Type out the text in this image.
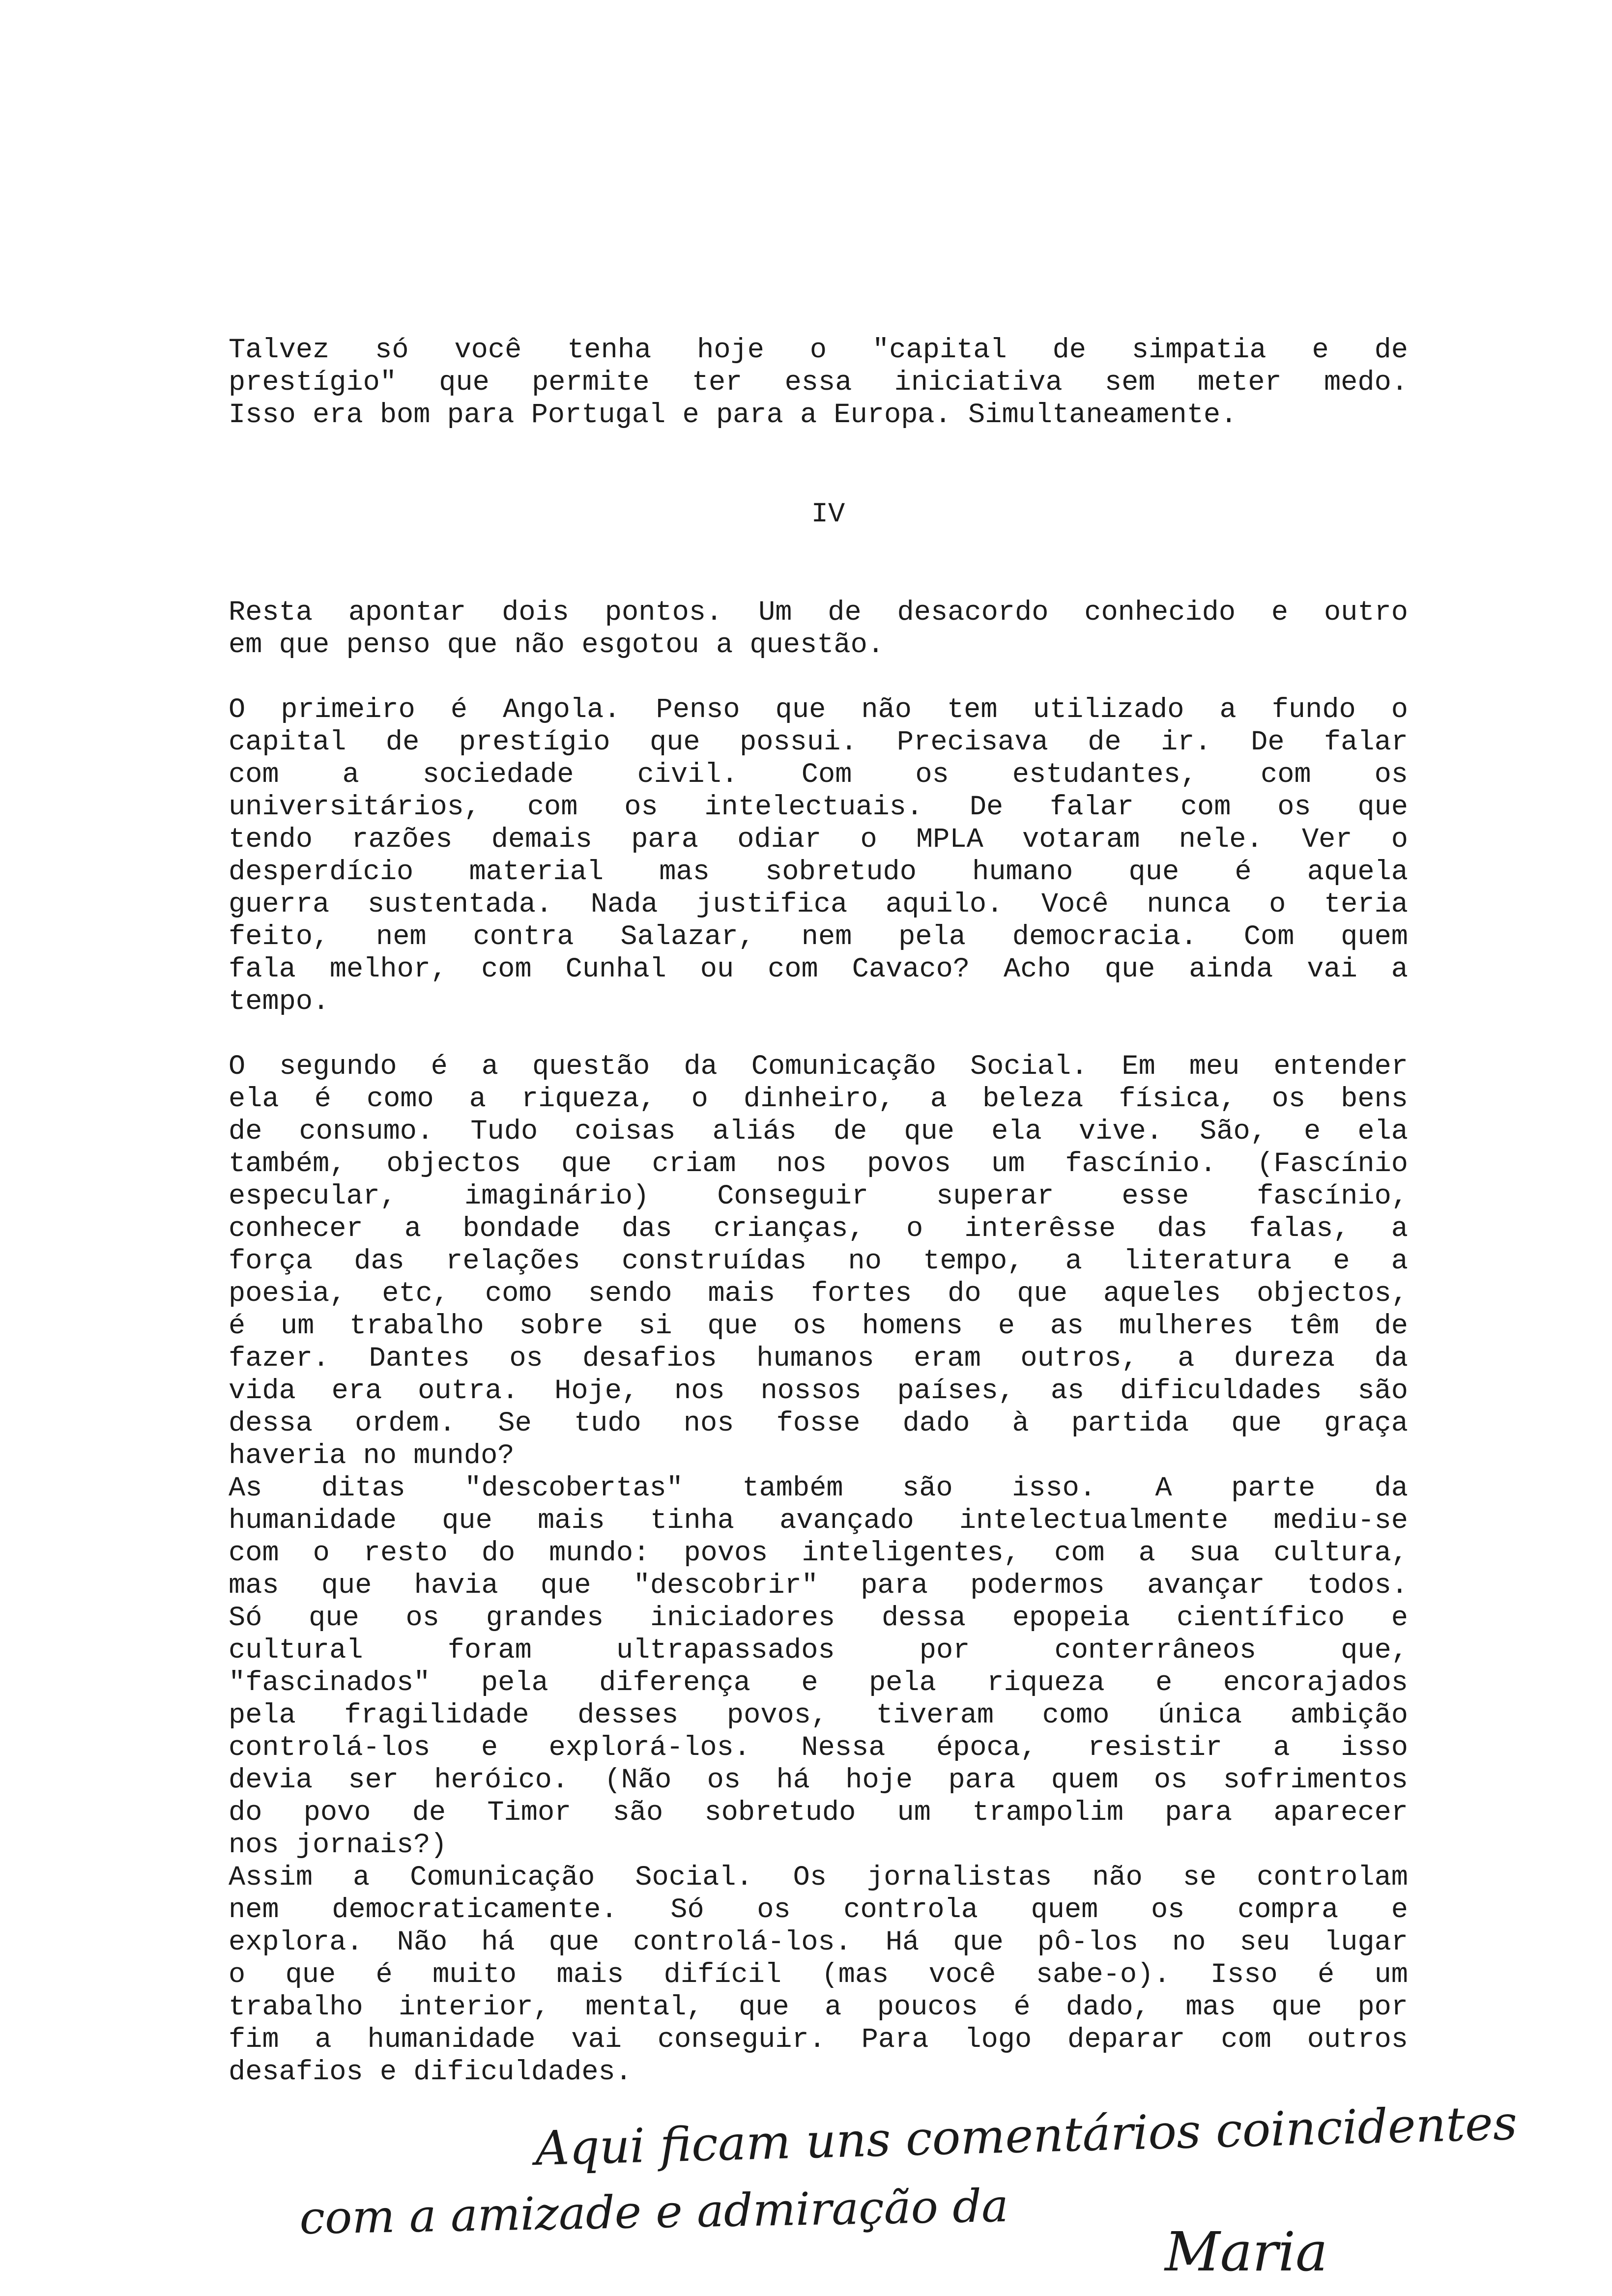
Talvez só você tenha hoje o "capital de simpatia e de
prestígio" que permite ter essa iniciativa sem meter medo.
Isso era bom para Portugal e para a Europa. Simultaneamente.
IV
Resta apontar dois pontos. Um de desacordo conhecido e outro
em que penso que não esgotou a questão.
O primeiro é Angola. Penso que não tem utilizado a fundo o
capital de prestígio que possui. Precisava de ir. De falar
com a sociedade civil. Com os estudantes, com os
universitários, com os intelectuais. De falar com os que
tendo razões demais para odiar o MPLA votaram nele. Ver o
desperdício material mas sobretudo humano que é aquela
guerra sustentada. Nada justifica aquilo. Você nunca o teria
feito, nem contra Salazar, nem pela democracia. Com quem
fala melhor, com Cunhal ou com Cavaco? Acho que ainda vai a
tempo.
O segundo é a questão da Comunicação Social. Em meu entender
ela é como a riqueza, o dinheiro, a beleza física, os bens
de consumo. Tudo coisas aliás de que ela vive. São, e ela
também, objectos que criam nos povos um fascínio. (Fascínio
especular, imaginário) Conseguir superar esse fascínio,
conhecer a bondade das crianças, o interêsse das falas, a
força das relações construídas no tempo, a literatura e a
poesia, etc, como sendo mais fortes do que aqueles objectos,
é um trabalho sobre si que os homens e as mulheres têm de
fazer. Dantes os desafios humanos eram outros, a dureza da
vida era outra. Hoje, nos nossos países, as dificuldades são
dessa ordem. Se tudo nos fosse dado à partida que graça
haveria no mundo?
As ditas "descobertas" também são isso. A parte da
humanidade que mais tinha avançado intelectualmente mediu-se
com o resto do mundo: povos inteligentes, com a sua cultura,
mas que havia que "descobrir" para podermos avançar todos.
Só que os grandes iniciadores dessa epopeia científico e
cultural foram ultrapassados por conterrâneos que,
"fascinados" pela diferença e pela riqueza e encorajados
pela fragilidade desses povos, tiveram como única ambição
controlá-los e explorá-los. Nessa época, resistir a isso
devia ser heróico. (Não os há hoje para quem os sofrimentos
do povo de Timor são sobretudo um trampolim para aparecer
nos jornais?)
Assim a Comunicação Social. Os jornalistas não se controlam
nem democraticamente. Só os controla quem os compra e
explora. Não há que controlá-los. Há que pô-los no seu lugar
o que é muito mais difícil (mas você sabe-o). Isso é um
trabalho interior, mental, que a poucos é dado, mas que por
fim a humanidade vai conseguir. Para logo deparar com outros
desafios e dificuldades.
Aqui ficam uns comentários coincidentes
com a amizade e admiração da
Maria
